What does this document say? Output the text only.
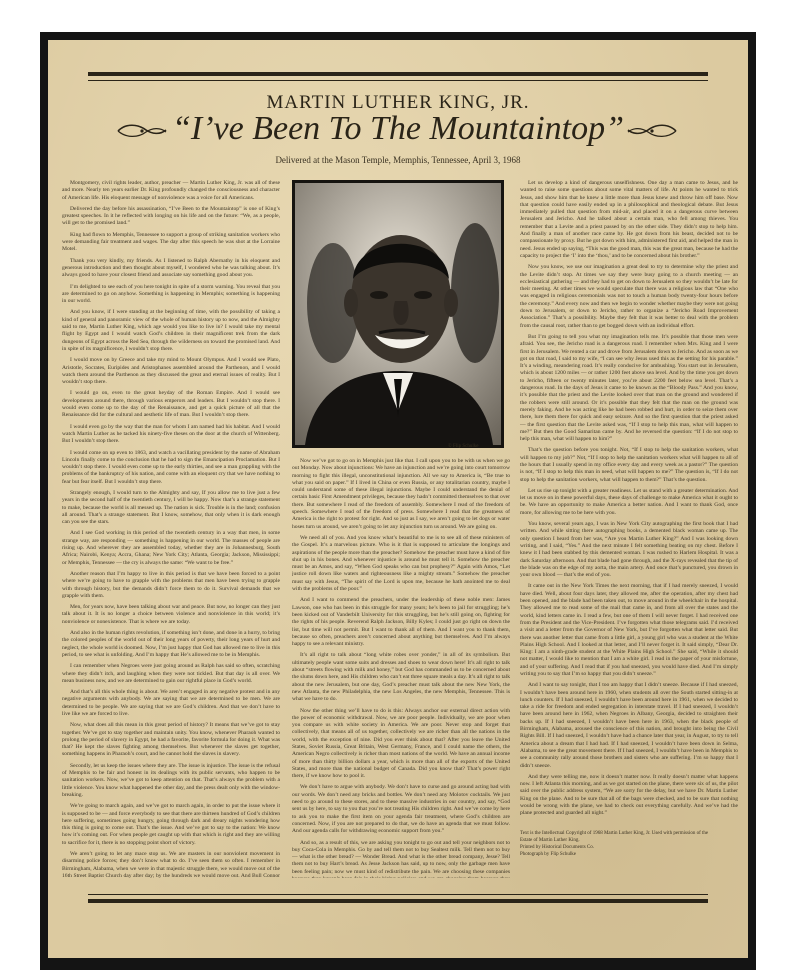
MARTIN LUTHER KING, JR.
“I’ve Been To The Mountaintop”
Delivered at the Mason Temple, Memphis, Tennessee, April 3, 1968

Montgomery, civil rights leader, author, preacher — Martin Luther King, Jr. was all of these and more. Nearly ten years earlier Dr. King profoundly changed the consciousness and character of American life. His eloquent message of nonviolence was a voice for all Americans.

Delivered the day before his assassination, “I’ve Been to the Mountaintop” is one of King’s greatest speeches. In it he reflected with longing on his life and on the future: “We, as a people, will get to the promised land.”

King had flown to Memphis, Tennessee to support a group of striking sanitation workers who were demanding fair treatment and wages. The day after this speech he was shot at the Lorraine Motel.

Thank you very kindly, my friends. As I listened to Ralph Abernathy in his eloquent and generous introduction and then thought about myself, I wondered who he was talking about. It’s always good to have your closest friend and associate say something good about you.

I’m delighted to see each of you here tonight in spite of a storm warning. You reveal that you are determined to go on anyhow. Something is happening in Memphis; something is happening in our world.

And you know, if I were standing at the beginning of time, with the possibility of taking a kind of general and panoramic view of the whole of human history up to now, and the Almighty said to me, Martin Luther King, which age would you like to live in? I would take my mental flight by Egypt and I would watch God’s children in their magnificent trek from the dark dungeons of Egypt across the Red Sea, through the wilderness on toward the promised land. And in spite of its magnificence, I wouldn’t stop there.

I would move on by Greece and take my mind to Mount Olympus. And I would see Plato, Aristotle, Socrates, Euripides and Aristophanes assembled around the Parthenon, and I would watch them around the Parthenon as they discussed the great and eternal issues of reality. But I wouldn’t stop there.

I would go on, even to the great heyday of the Roman Empire. And I would see developments around there, through various emperors and leaders. But I wouldn’t stop there. I would even come up to the day of the Renaissance, and get a quick picture of all that the Renaissance did for the cultural and aesthetic life of man. But I wouldn’t stop there.

I would even go by the way that the man for whom I am named had his habitat. And I would watch Martin Luther as he tacked his ninety-five theses on the door at the church of Wittenberg. But I wouldn’t stop there.

I would come on up even to 1863, and watch a vacillating president by the name of Abraham Lincoln finally come to the conclusion that he had to sign the Emancipation Proclamation. But I wouldn’t stop there. I would even come up to the early thirties, and see a man grappling with the problems of the bankruptcy of his nation, and come with an eloquent cry that we have nothing to fear but fear itself. But I wouldn’t stop there.

Strangely enough, I would turn to the Almighty and say, If you allow me to live just a few years in the second half of the twentieth century, I will be happy. Now that’s a strange statement to make, because the world is all messed up. The nation is sick. Trouble is in the land; confusion all around. That’s a strange statement. But I know, somehow, that only when it is dark enough can you see the stars.

And I see God working in this period of the twentieth century in a way that men, in some strange way, are responding — something is happening in our world. The masses of people are rising up. And wherever they are assembled today, whether they are in Johannesburg, South Africa; Nairobi, Kenya; Accra, Ghana; New York City; Atlanta, Georgia; Jackson, Mississippi; or Memphis, Tennessee — the cry is always the same: “We want to be free.”

Another reason that I’m happy to live in this period is that we have been forced to a point where we’re going to have to grapple with the problems that men have been trying to grapple with through history, but the demands didn’t force them to do it. Survival demands that we grapple with them.

Men, for years now, have been talking about war and peace. But now, no longer can they just talk about it. It is no longer a choice between violence and nonviolence in this world; it’s nonviolence or nonexistence. That is where we are today.

And also in the human rights revolution, if something isn’t done, and done in a hurry, to bring the colored peoples of the world out of their long years of poverty, their long years of hurt and neglect, the whole world is doomed. Now, I’m just happy that God has allowed me to live in this period, to see what is unfolding. And I’m happy that He’s allowed me to be in Memphis.

I can remember when Negroes were just going around as Ralph has said so often, scratching where they didn’t itch, and laughing when they were not tickled. But that day is all over. We mean business now, and we are determined to gain our rightful place in God’s world.

And that’s all this whole thing is about. We aren’t engaged in any negative protest and in any negative arguments with anybody. We are saying that we are determined to be men. We are determined to be people. We are saying that we are God’s children. And that we don’t have to live like we are forced to live.

Now, what does all this mean in this great period of history? It means that we’ve got to stay together. We’ve got to stay together and maintain unity. You know, whenever Pharaoh wanted to prolong the period of slavery in Egypt, he had a favorite, favorite formula for doing it. What was that? He kept the slaves fighting among themselves. But whenever the slaves get together, something happens in Pharaoh’s court, and he cannot hold the slaves in slavery.

Secondly, let us keep the issues where they are. The issue is injustice. The issue is the refusal of Memphis to be fair and honest in its dealings with its public servants, who happen to be sanitation workers. Now, we’ve got to keep attention on that. That’s always the problem with a little violence. You know what happened the other day, and the press dealt only with the window-breaking.

We’re going to march again, and we’ve got to march again, in order to put the issue where it is supposed to be — and force everybody to see that there are thirteen hundred of God’s children here suffering, sometimes going hungry, going through dark and dreary nights wondering how this thing is going to come out. That’s the issue. And we’ve got to say to the nation: We know how it’s coming out. For when people get caught up with that which is right and they are willing to sacrifice for it, there is no stopping point short of victory.

We aren’t going to let any mace stop us. We are masters in our nonviolent movement in disarming police forces; they don’t know what to do. I’ve seen them so often. I remember in Birmingham, Alabama, when we were in that majestic struggle there, we would move out of the 16th Street Baptist Church day after day; by the hundreds we would move out. And Bull Connor

© Flip Schulke

Now we’ve got to go on in Memphis just like that. I call upon you to be with us when we go out Monday. Now about injunctions: We have an injunction and we’re going into court tomorrow morning to fight this illegal, unconstitutional injunction. All we say to America is, “Be true to what you said on paper.” If I lived in China or even Russia, or any totalitarian country, maybe I could understand some of these illegal injunctions. Maybe I could understand the denial of certain basic First Amendment privileges, because they hadn’t committed themselves to that over there. But somewhere I read of the freedom of assembly. Somewhere I read of the freedom of speech. Somewhere I read of the freedom of press. Somewhere I read that the greatness of America is the right to protest for right. And so just as I say, we aren’t going to let dogs or water hoses turn us around, we aren’t going to let any injunction turn us around. We are going on.

We need all of you. And you know what’s beautiful to me is to see all of these ministers of the Gospel. It’s a marvelous picture. Who is it that is supposed to articulate the longings and aspirations of the people more than the preacher? Somehow the preacher must have a kind of fire shut up in his bones. And whenever injustice is around he must tell it. Somehow the preacher must be an Amos, and say, “When God speaks who can but prophesy?” Again with Amos, “Let justice roll down like waters and righteousness like a mighty stream.” Somehow the preacher must say with Jesus, “The spirit of the Lord is upon me, because he hath anointed me to deal with the problems of the poor.”

And I want to commend the preachers, under the leadership of these noble men: James Lawson, one who has been in this struggle for many years; he’s been to jail for struggling; he’s been kicked out of Vanderbilt University for this struggling, but he’s still going on, fighting for the rights of his people. Reverend Ralph Jackson, Billy Kyles; I could just go right on down the list, but time will not permit. But I want to thank all of them. And I want you to thank them, because so often, preachers aren’t concerned about anything but themselves. And I’m always happy to see a relevant ministry.

It’s all right to talk about “long white robes over yonder,” in all of its symbolism. But ultimately people want some suits and dresses and shoes to wear down here! It’s all right to talk about “streets flowing with milk and honey,” but God has commanded us to be concerned about the slums down here, and His children who can’t eat three square meals a day. It’s all right to talk about the new Jerusalem, but one day, God’s preacher must talk about the new New York, the new Atlanta, the new Philadelphia, the new Los Angeles, the new Memphis, Tennessee. This is what we have to do.

Now the other thing we’ll have to do is this: Always anchor our external direct action with the power of economic withdrawal. Now, we are poor people. Individually, we are poor when you compare us with white society in America. We are poor. Never stop and forget that collectively, that means all of us together, collectively we are richer than all the nations in the world, with the exception of nine. Did you ever think about that? After you leave the United States, Soviet Russia, Great Britain, West Germany, France, and I could name the others, the American Negro collectively is richer than most nations of the world. We have an annual income of more than thirty billion dollars a year, which is more than all of the exports of the United States, and more than the national budget of Canada. Did you know that? That’s power right there, if we know how to pool it.

We don’t have to argue with anybody. We don’t have to curse and go around acting bad with our words. We don’t need any bricks and bottles. We don’t need any Molotov cocktails. We just need to go around to these stores, and to these massive industries in our country, and say, “God sent us by here, to say to you that you’re not treating His children right. And we’ve come by here to ask you to make the first item on your agenda fair treatment, where God’s children are concerned. Now, if you are not prepared to do that, we do have an agenda that we must follow. And our agenda calls for withdrawing economic support from you.”

And so, as a result of this, we are asking you tonight to go out and tell your neighbors not to buy Coca-Cola in Memphis. Go by and tell them not to buy Sealtest milk. Tell them not to buy — what is the other bread? — Wonder Bread. And what is the other bread company, Jesse? Tell them not to buy Hart’s bread. As Jesse Jackson has said, up to now, only the garbage men have been feeling pain; now we must kind of redistribute the pain. We are choosing these companies

Let us develop a kind of dangerous unselfishness. One day a man came to Jesus, and he wanted to raise some questions about some vital matters of life. At points he wanted to trick Jesus, and show him that he knew a little more than Jesus knew and throw him off base. Now that question could have easily ended up in a philosophical and theological debate. But Jesus immediately pulled that question from mid-air, and placed it on a dangerous curve between Jerusalem and Jericho. And he talked about a certain man, who fell among thieves. You remember that a Levite and a priest passed by on the other side. They didn’t stop to help him. And finally a man of another race came by. He got down from his beast, decided not to be compassionate by proxy. But he got down with him, administered first aid, and helped the man in need. Jesus ended up saying, “This was the good man, this was the great man, because he had the capacity to project the ‘I’ into the ‘thou,’ and to be concerned about his brother.”

Now you know, we use our imagination a great deal to try to determine why the priest and the Levite didn’t stop. At times we say they were busy going to a church meeting — an ecclesiastical gathering — and they had to get on down to Jerusalem so they wouldn’t be late for their meeting. At other times we would speculate that there was a religious law that “One who was engaged in religious ceremonials was not to touch a human body twenty-four hours before the ceremony.” And every now and then we begin to wonder whether maybe they were not going down to Jerusalem, or down to Jericho, rather to organize a “Jericho Road Improvement Association.” That’s a possibility. Maybe they felt that it was better to deal with the problem from the causal root, rather than to get bogged down with an individual effort.

But I’m going to tell you what my imagination tells me. It’s possible that those men were afraid. You see, the Jericho road is a dangerous road. I remember when Mrs. King and I were first in Jerusalem. We rented a car and drove from Jerusalem down to Jericho. And as soon as we got on that road, I said to my wife, “I can see why Jesus used this as the setting for his parable.” It’s a winding, meandering road. It’s really conducive for ambushing. You start out in Jerusalem, which is about 1200 miles — or rather 1200 feet above sea level. And by the time you get down to Jericho, fifteen or twenty minutes later, you’re about 2200 feet below sea level. That’s a dangerous road. In the days of Jesus it came to be known as the “Bloody Pass.” And you know, it’s possible that the priest and the Levite looked over that man on the ground and wondered if the robbers were still around. Or it’s possible that they felt that the man on the ground was merely faking. And he was acting like he had been robbed and hurt, in order to seize them over there, lure them there for quick and easy seizure. And so the first question that the priest asked — the first question that the Levite asked was, “If I stop to help this man, what will happen to me?” But then the Good Samaritan came by. And he reversed the question: “If I do not stop to help this man, what will happen to him?”

That’s the question before you tonight. Not, “If I stop to help the sanitation workers, what will happen to my job?” Not, “If I stop to help the sanitation workers what will happen to all of the hours that I usually spend in my office every day and every week as a pastor?” The question is not, “If I stop to help this man in need, what will happen to me?” The question is, “If I do not stop to help the sanitation workers, what will happen to them?” That’s the question.

Let us rise up tonight with a greater readiness. Let us stand with a greater determination. And let us move on in these powerful days, these days of challenge to make America what it ought to be. We have an opportunity to make America a better nation. And I want to thank God, once more, for allowing me to be here with you.

You know, several years ago, I was in New York City autographing the first book that I had written. And while sitting there autographing books, a demented black woman came up. The only question I heard from her was, “Are you Martin Luther King?” And I was looking down writing, and I said, “Yes.” And the next minute I felt something beating on my chest. Before I knew it I had been stabbed by this demented woman. I was rushed to Harlem Hospital. It was a dark Saturday afternoon. And that blade had gone through, and the X-rays revealed that the tip of the blade was on the edge of my aorta, the main artery. And once that’s punctured, you drown in your own blood — that’s the end of you.

It came out in the New York Times the next morning, that if I had merely sneezed, I would have died. Well, about four days later, they allowed me, after the operation, after my chest had been opened, and the blade had been taken out, to move around in the wheelchair in the hospital. They allowed me to read some of the mail that came in, and from all over the states and the world, kind letters came in. I read a few, but one of them I will never forget. I had received one from the President and the Vice-President. I’ve forgotten what those telegrams said. I’d received a visit and a letter from the Governor of New York, but I’ve forgotten what that letter said. But there was another letter that came from a little girl, a young girl who was a student at the White Plains High School. And I looked at that letter, and I’ll never forget it. It said simply, “Dear Dr. King: I am a ninth-grade student at the White Plains High School.” She said, “While it should not matter, I would like to mention that I am a white girl. I read in the paper of your misfortune, and of your suffering. And I read that if you had sneezed, you would have died. And I’m simply writing you to say that I’m so happy that you didn’t sneeze.”

And I want to say tonight, that I too am happy that I didn’t sneeze. Because if I had sneezed, I wouldn’t have been around here in 1960, when students all over the South started sitting-in at lunch counters. If I had sneezed, I wouldn’t have been around here in 1961, when we decided to take a ride for freedom and ended segregation in interstate travel. If I had sneezed, I wouldn’t have been around here in 1962, when Negroes in Albany, Georgia, decided to straighten their backs up. If I had sneezed, I wouldn’t have been here in 1963, when the black people of Birmingham, Alabama, aroused the conscience of this nation, and brought into being the Civil Rights Bill. If I had sneezed, I wouldn’t have had a chance later that year, in August, to try to tell America about a dream that I had had. If I had sneezed, I wouldn’t have been down in Selma, Alabama, to see the great movement there. If I had sneezed, I wouldn’t have been in Memphis to see a community rally around those brothers and sisters who are suffering. I’m so happy that I didn’t sneeze.

And they were telling me, now it doesn’t matter now. It really doesn’t matter what happens now. I left Atlanta this morning, and as we got started on the plane, there were six of us, the pilot said over the public address system, “We are sorry for the delay, but we have Dr. Martin Luther King on the plane. And to be sure that all of the bags were checked, and to be sure that nothing would be wrong with the plane, we had to check out everything carefully. And we’ve had the plane protected and guarded all night.”

Text is the Intellectual Copyright of 1968 Martin Luther King, Jr. Used with permission of the Estate of Martin Luther King.
Printed by Historical Documents Co.
Photograph by Flip Schulke
